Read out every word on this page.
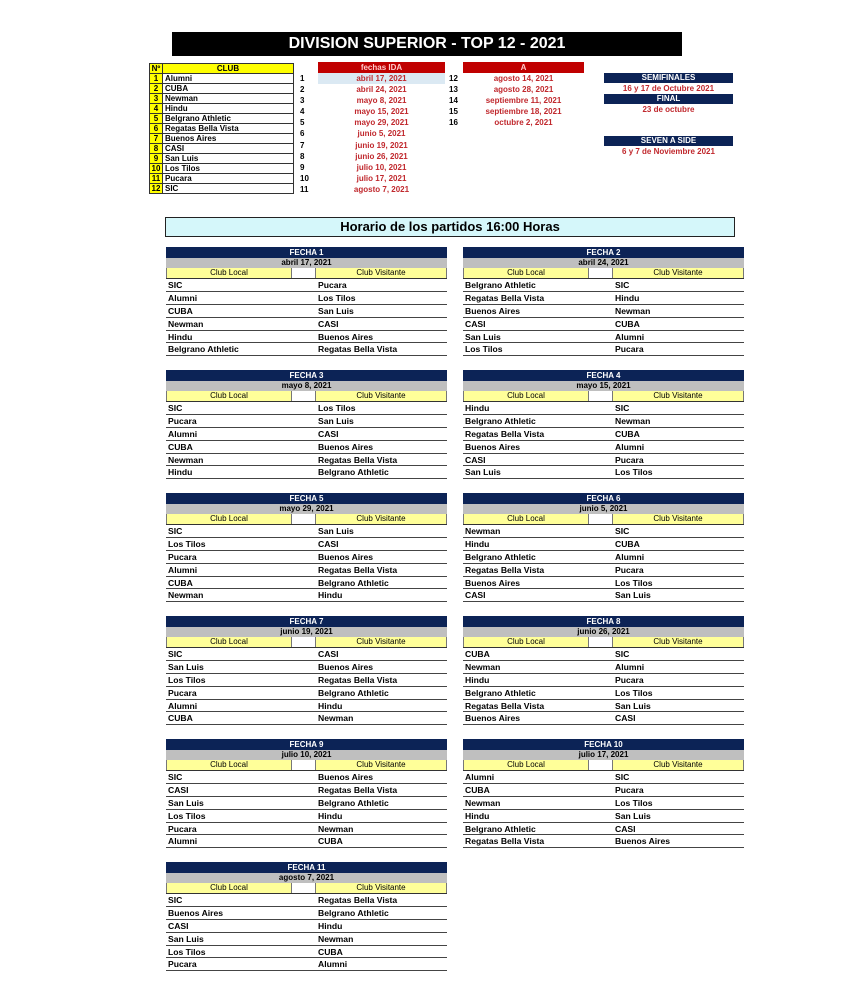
DIVISION SUPERIOR - TOP 12 - 2021
Nº	CLUB
1	Alumni
2	CUBA
3	Newman
4	Hindu
5	Belgrano Athletic
6	Regatas Bella Vista
7	Buenos Aires
8	CASI
9	San Luis
10	Los Tilos
11	Pucara
12	SIC
fechas IDA
1	abril 17, 2021
2	abril 24, 2021
3	mayo 8, 2021
4	mayo 15, 2021
5	mayo 29, 2021
6	junio 5, 2021
7	junio 19, 2021
8	junio 26, 2021
9	julio 10, 2021
10	julio 17, 2021
11	agosto 7, 2021
A
12	agosto 14, 2021
13	agosto 28, 2021
14	septiembre 11, 2021
15	septiembre 18, 2021
16	octubre 2, 2021
SEMIFINALES
16 y 17 de Octubre 2021
FINAL
23 de octubre
SEVEN A SIDE
6 y 7 de Noviembre 2021
Horario de los partidos 16:00 Horas
FECHA 1
abril 17, 2021
Club Local	Club Visitante
SIC	Pucara
Alumni	Los Tilos
CUBA	San Luis
Newman	CASI
Hindu	Buenos Aires
Belgrano Athletic	Regatas Bella Vista
FECHA 2
abril 24, 2021
Club Local	Club Visitante
Belgrano Athletic	SIC
Regatas Bella Vista	Hindu
Buenos Aires	Newman
CASI	CUBA
San Luis	Alumni
Los Tilos	Pucara
FECHA 3
mayo 8, 2021
Club Local	Club Visitante
SIC	Los Tilos
Pucara	San Luis
Alumni	CASI
CUBA	Buenos Aires
Newman	Regatas Bella Vista
Hindu	Belgrano Athletic
FECHA 4
mayo 15, 2021
Club Local	Club Visitante
Hindu	SIC
Belgrano Athletic	Newman
Regatas Bella Vista	CUBA
Buenos Aires	Alumni
CASI	Pucara
San Luis	Los Tilos
FECHA 5
mayo 29, 2021
Club Local	Club Visitante
SIC	San Luis
Los Tilos	CASI
Pucara	Buenos Aires
Alumni	Regatas Bella Vista
CUBA	Belgrano Athletic
Newman	Hindu
FECHA 6
junio 5, 2021
Club Local	Club Visitante
Newman	SIC
Hindu	CUBA
Belgrano Athletic	Alumni
Regatas Bella Vista	Pucara
Buenos Aires	Los Tilos
CASI	San Luis
FECHA 7
junio 19, 2021
Club Local	Club Visitante
SIC	CASI
San Luis	Buenos Aires
Los Tilos	Regatas Bella Vista
Pucara	Belgrano Athletic
Alumni	Hindu
CUBA	Newman
FECHA 8
junio 26, 2021
Club Local	Club Visitante
CUBA	SIC
Newman	Alumni
Hindu	Pucara
Belgrano Athletic	Los Tilos
Regatas Bella Vista	San Luis
Buenos Aires	CASI
FECHA 9
julio 10, 2021
Club Local	Club Visitante
SIC	Buenos Aires
CASI	Regatas Bella Vista
San Luis	Belgrano Athletic
Los Tilos	Hindu
Pucara	Newman
Alumni	CUBA
FECHA 10
julio 17, 2021
Club Local	Club Visitante
Alumni	SIC
CUBA	Pucara
Newman	Los Tilos
Hindu	San Luis
Belgrano Athletic	CASI
Regatas Bella Vista	Buenos Aires
FECHA 11
agosto 7, 2021
Club Local	Club Visitante
SIC	Regatas Bella Vista
Buenos Aires	Belgrano Athletic
CASI	Hindu
San Luis	Newman
Los Tilos	CUBA
Pucara	Alumni
